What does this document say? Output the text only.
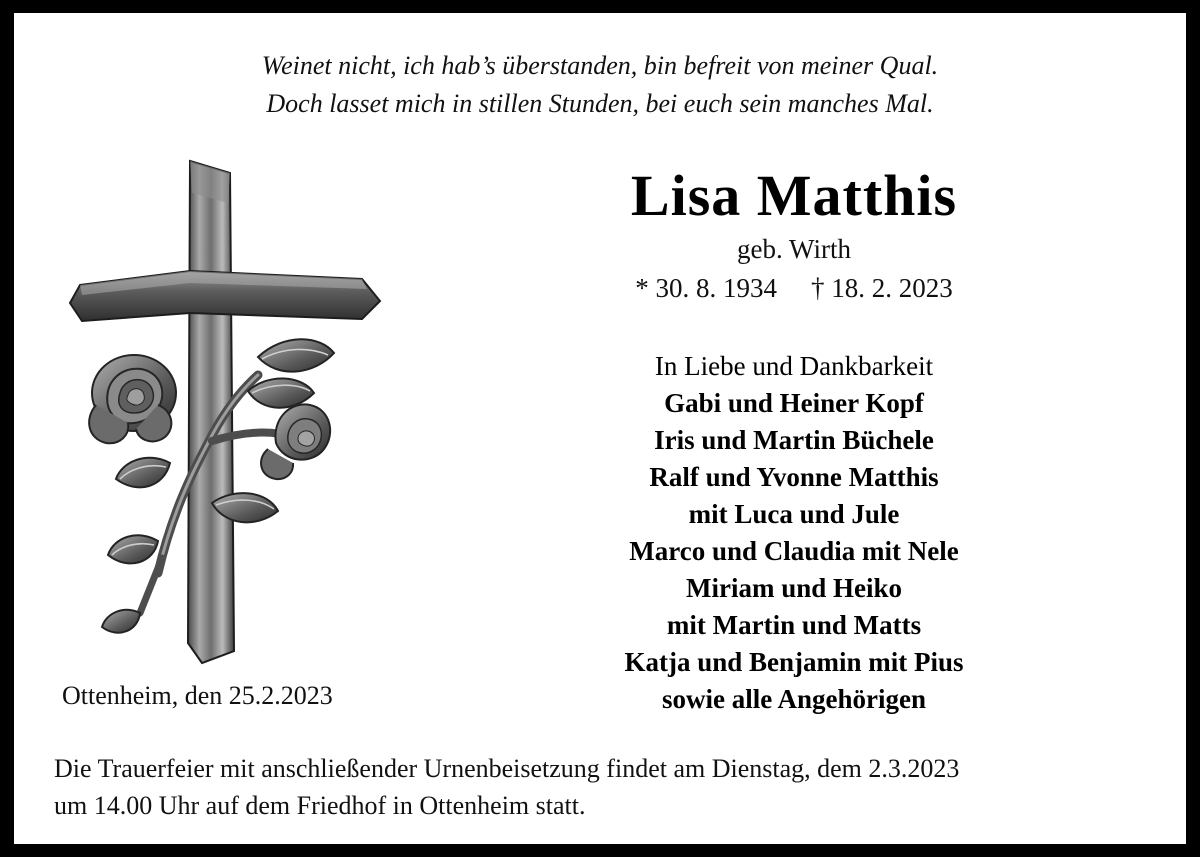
Weinet nicht, ich hab’s überstanden, bin befreit von meiner Qual.
Doch lasset mich in stillen Stunden, bei euch sein manches Mal.
Lisa Matthis
geb. Wirth
* 30. 8. 1934 † 18. 2. 2023
In Liebe und Dankbarkeit
Gabi und Heiner Kopf
Iris und Martin Büchele
Ralf und Yvonne Matthis
mit Luca und Jule
Marco und Claudia mit Nele
Miriam und Heiko
mit Martin und Matts
Katja und Benjamin mit Pius
sowie alle Angehörigen
Ottenheim, den 25.2.2023
Die Trauerfeier mit anschließender Urnenbeisetzung findet am Dienstag, dem 2.3.2023
um 14.00 Uhr auf dem Friedhof in Ottenheim statt.
